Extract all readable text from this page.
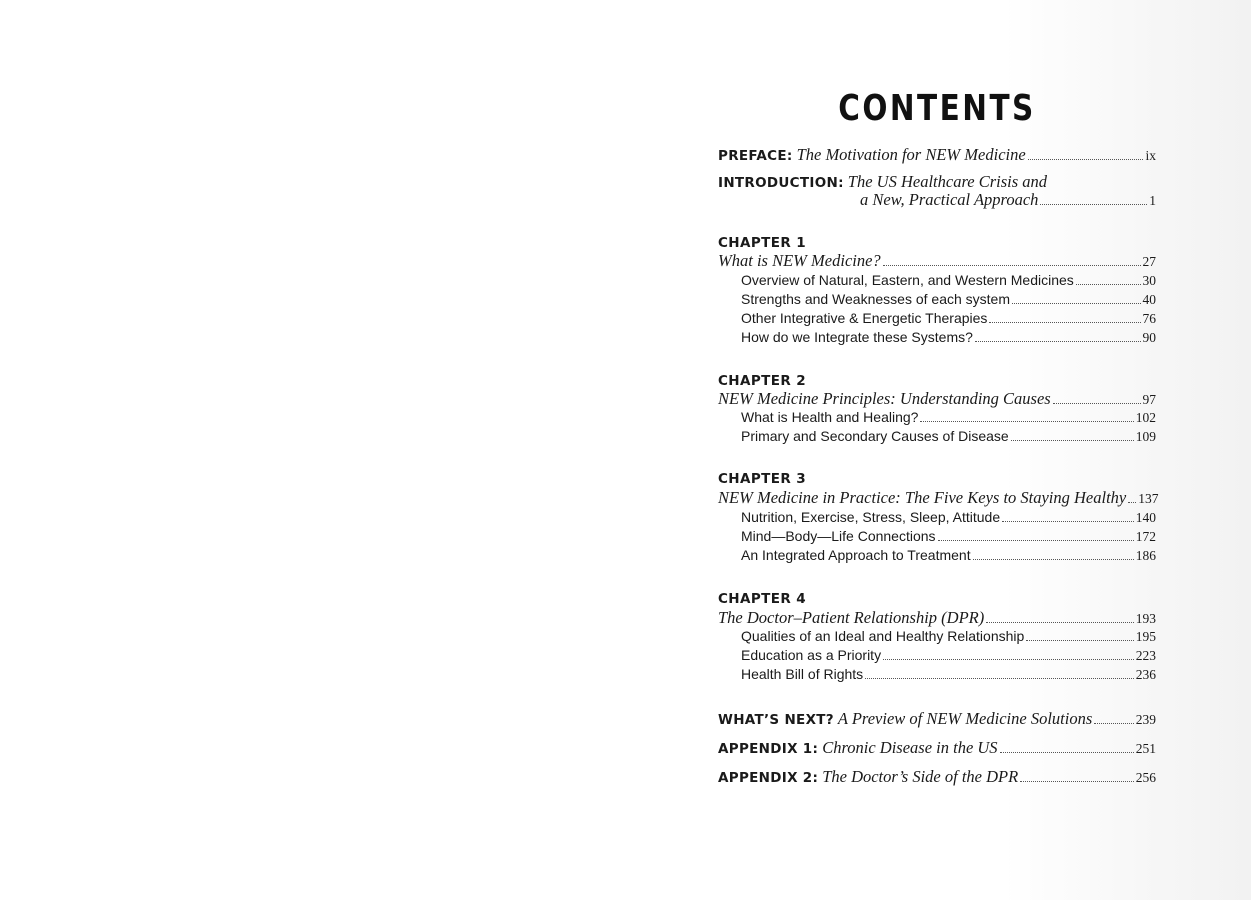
CONTENTS
PREFACE:
The Motivation for NEW Medicine	ix
INTRODUCTION:
The US Healthcare Crisis and
a New, Practical Approach	1
CHAPTER 1
What is NEW Medicine?	27
Overview of Natural, Eastern, and Western Medicines	30
Strengths and Weaknesses of each system	40
Other Integrative & Energetic Therapies	76
How do we Integrate these Systems?	90
CHAPTER 2
NEW Medicine Principles: Understanding Causes	97
What is Health and Healing?	102
Primary and Secondary Causes of Disease	109
CHAPTER 3
NEW Medicine in Practice: The Five Keys to Staying Healthy 137
Nutrition, Exercise, Stress, Sleep, Attitude	140
Mind—Body—Life Connections	172
An Integrated Approach to Treatment	186
CHAPTER 4
The Doctor–Patient Relationship (DPR)	193
Qualities of an Ideal and Healthy Relationship	195
Education as a Priority	223
Health Bill of Rights	236
WHAT’S NEXT?
A Preview of NEW Medicine Solutions	239
APPENDIX 1:
Chronic Disease in the US	251
APPENDIX 2:
The Doctor’s Side of the DPR	256
